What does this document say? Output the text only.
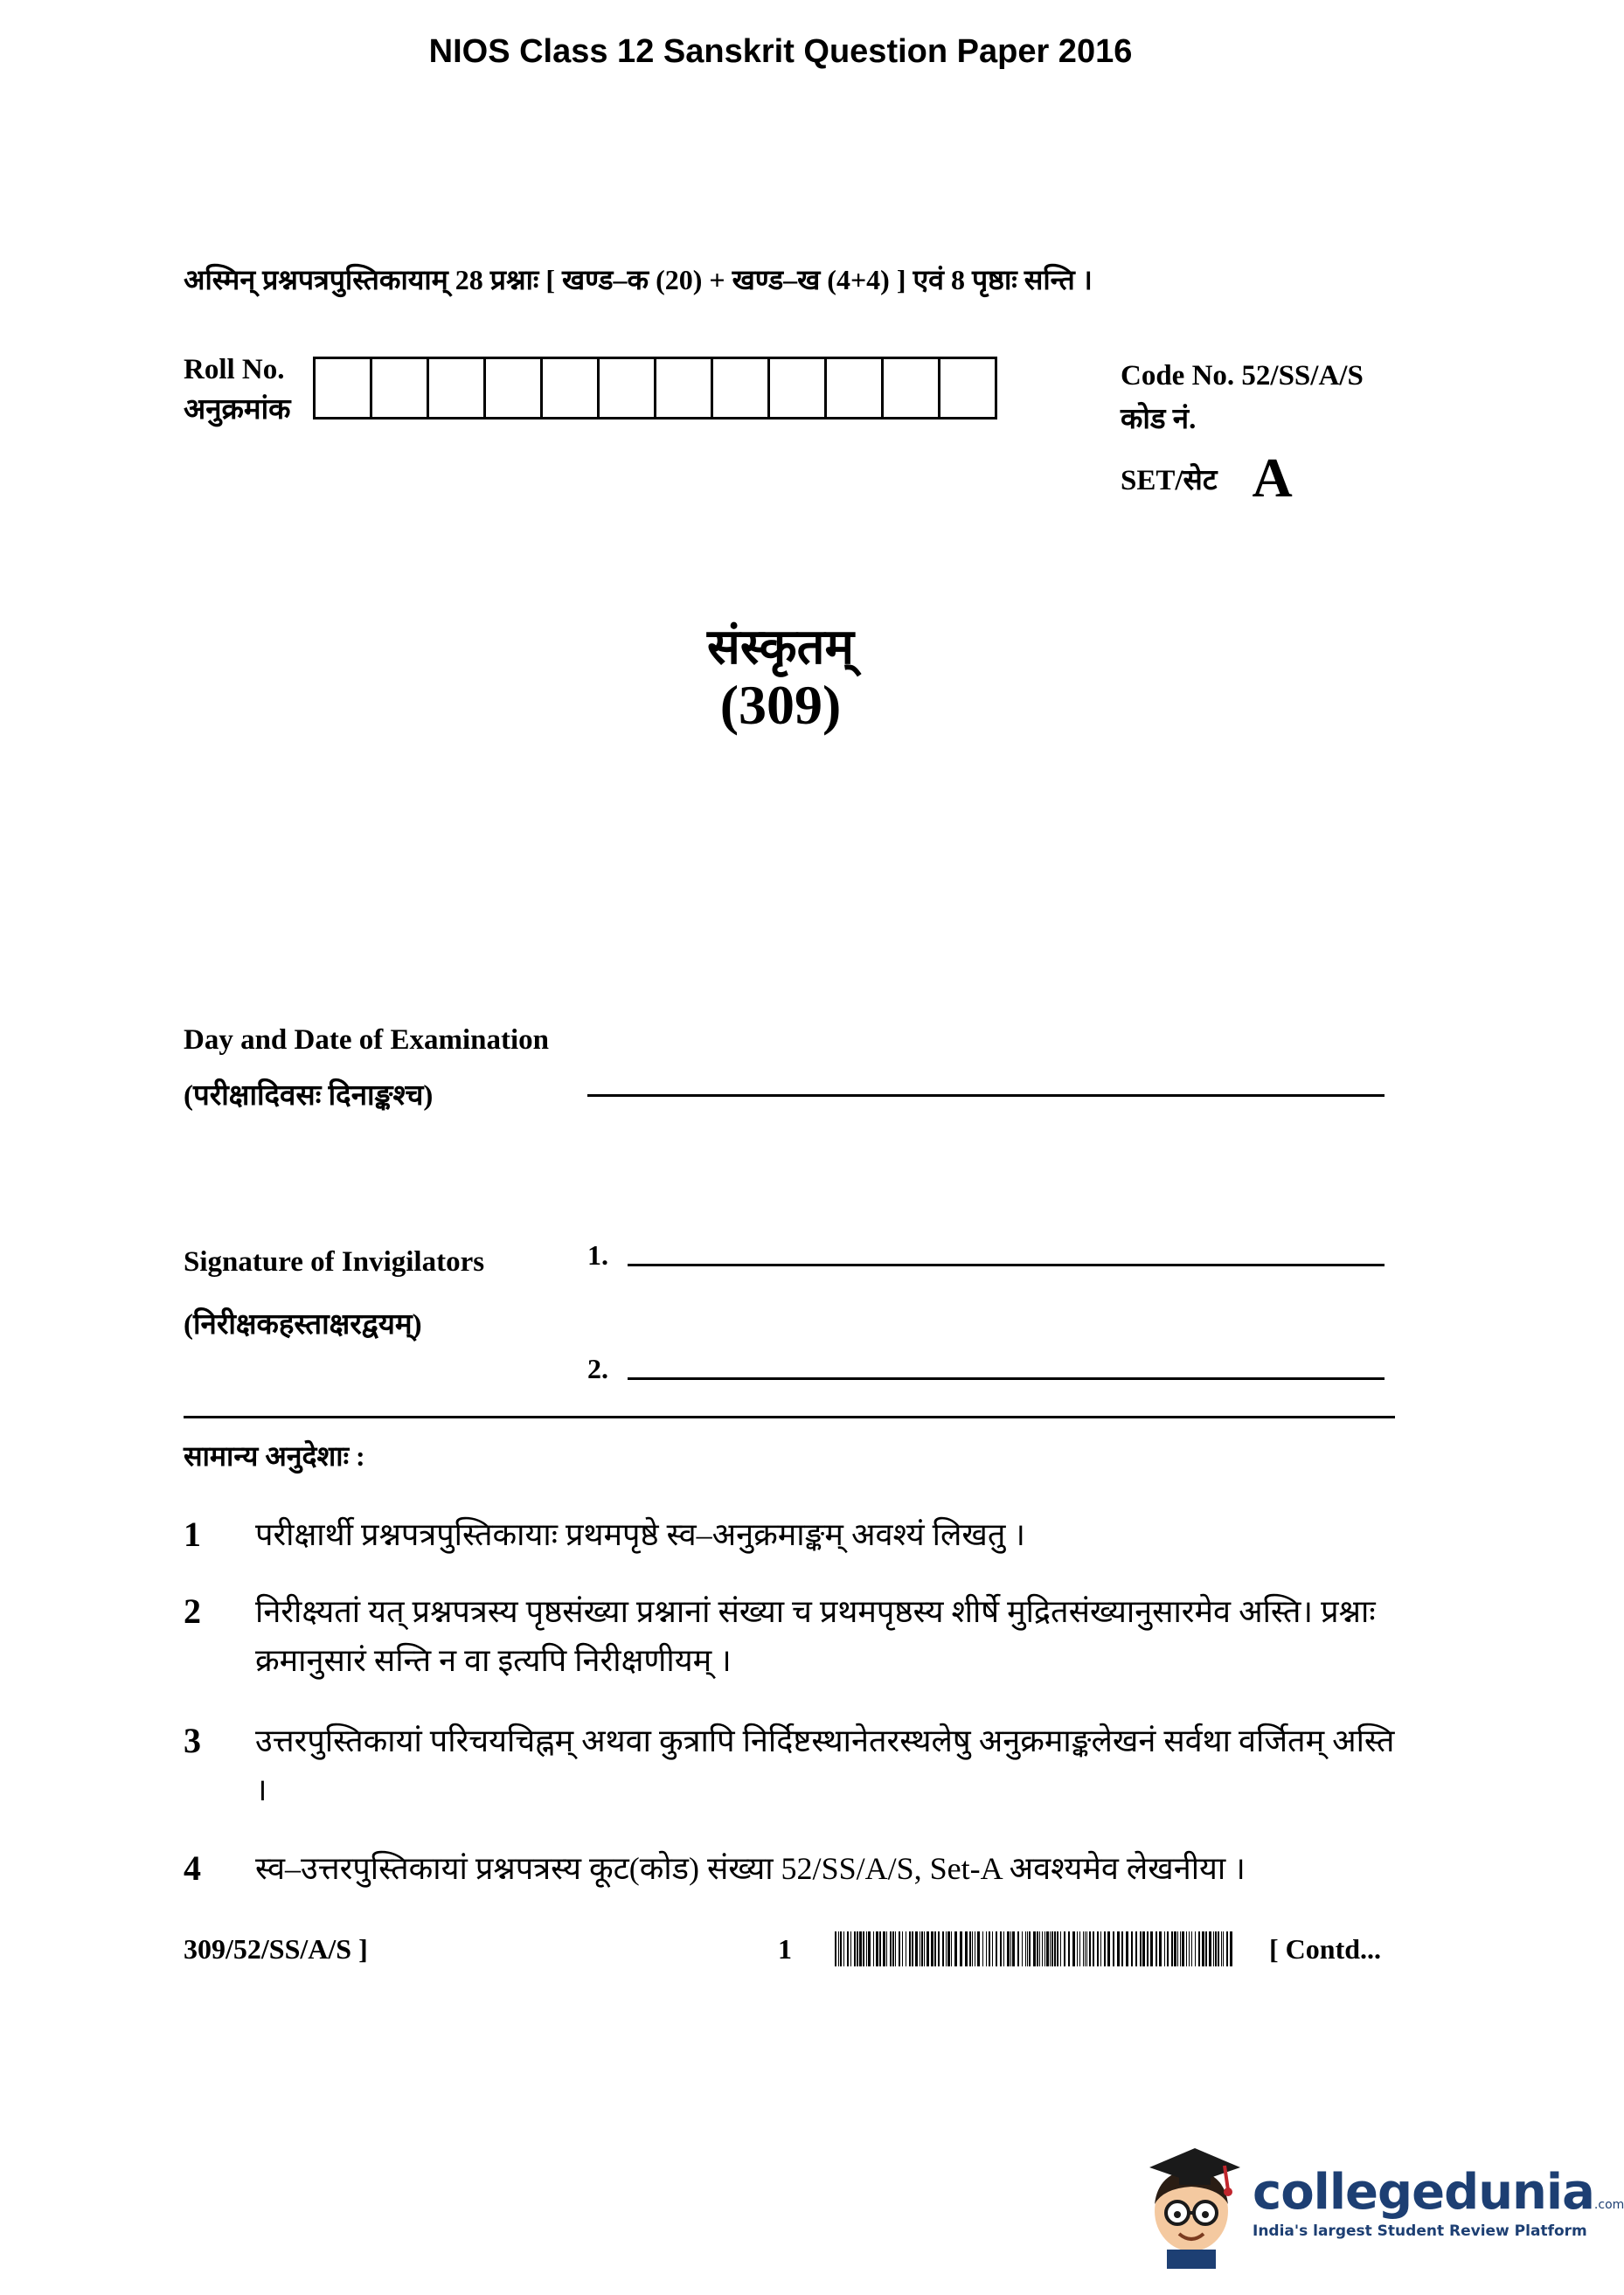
NIOS Class 12 Sanskrit Question Paper 2016
अस्मिन् प्रश्नपत्रपुस्तिकायाम् 28 प्रश्नाः [ खण्ड–क (20) + खण्ड–ख (4+4) ] एवं 8 पृष्ठाः सन्ति ।
Roll No.
अनुक्रमांक
Code No. 52/SS/A/S
कोड नं.
SET/सेट A
संस्कृतम्
(309)
Day and Date of Examination
(परीक्षादिवसः दिनाङ्कश्च)
Signature of Invigilators
(निरीक्षकहस्ताक्षरद्वयम्)
1.
2.
सामान्य अनुदेशाः :
1	परीक्षार्थी प्रश्नपत्रपुस्तिकायाः प्रथमपृष्ठे स्व–अनुक्रमाङ्कम् अवश्यं लिखतु ।
2	निरीक्ष्यतां यत् प्रश्नपत्रस्य पृष्ठसंख्या प्रश्नानां संख्या च प्रथमपृष्ठस्य शीर्षे मुद्रितसंख्यानुसारमेव अस्ति। प्रश्नाः क्रमानुसारं सन्ति न वा इत्यपि निरीक्षणीयम् ।
3	उत्तरपुस्तिकायां परिचयचिह्नम् अथवा कुत्रापि निर्दिष्टस्थानेतरस्थलेषु अनुक्रमाङ्कलेखनं सर्वथा वर्जितम् अस्ति ।
4	स्व–उत्तरपुस्तिकायां प्रश्नपत्रस्य कूट(कोड) संख्या 52/SS/A/S, Set-A अवश्यमेव लेखनीया ।
309/52/SS/A/S ]	1	[ Contd...
collegedunia.com
India's largest Student Review Platform
